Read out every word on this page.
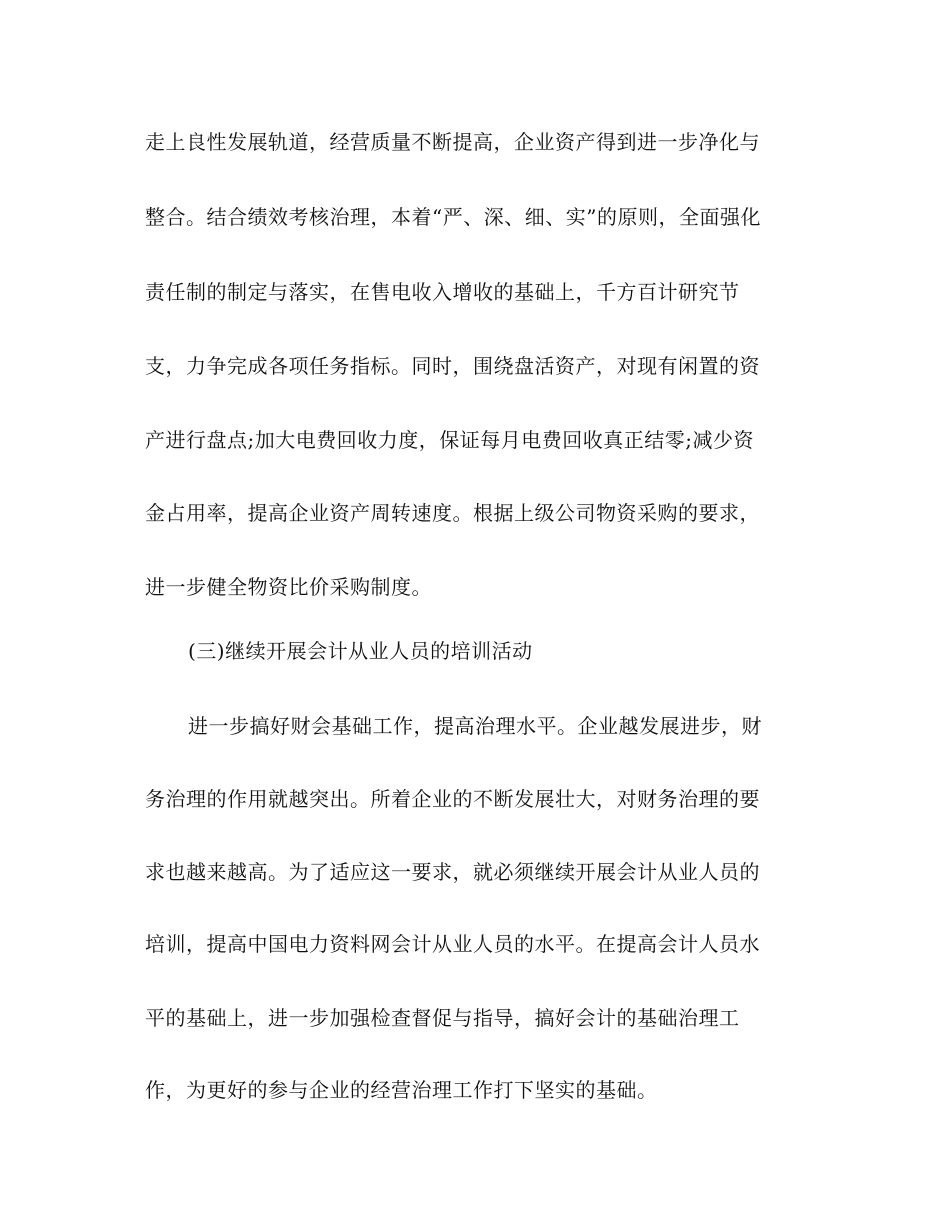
走上良性发展轨道，经营质量不断提高，企业资产得到进一步净化与
整合。结合绩效考核治理，本着“严、深、细、实”的原则，全面强化
责任制的制定与落实，在售电收入增收的基础上，千方百计研究节
支，力争完成各项任务指标。同时，围绕盘活资产，对现有闲置的资
产进行盘点;加大电费回收力度，保证每月电费回收真正结零;减少资
金占用率，提高企业资产周转速度。根据上级公司物资采购的要求，
进一步健全物资比价采购制度。
(三)继续开展会计从业人员的培训活动
进一步搞好财会基础工作，提高治理水平。企业越发展进步，财
务治理的作用就越突出。所着企业的不断发展壮大，对财务治理的要
求也越来越高。为了适应这一要求，就必须继续开展会计从业人员的
培训，提高中国电力资料网会计从业人员的水平。在提高会计人员水
平的基础上，进一步加强检查督促与指导，搞好会计的基础治理工
作，为更好的参与企业的经营治理工作打下坚实的基础。
